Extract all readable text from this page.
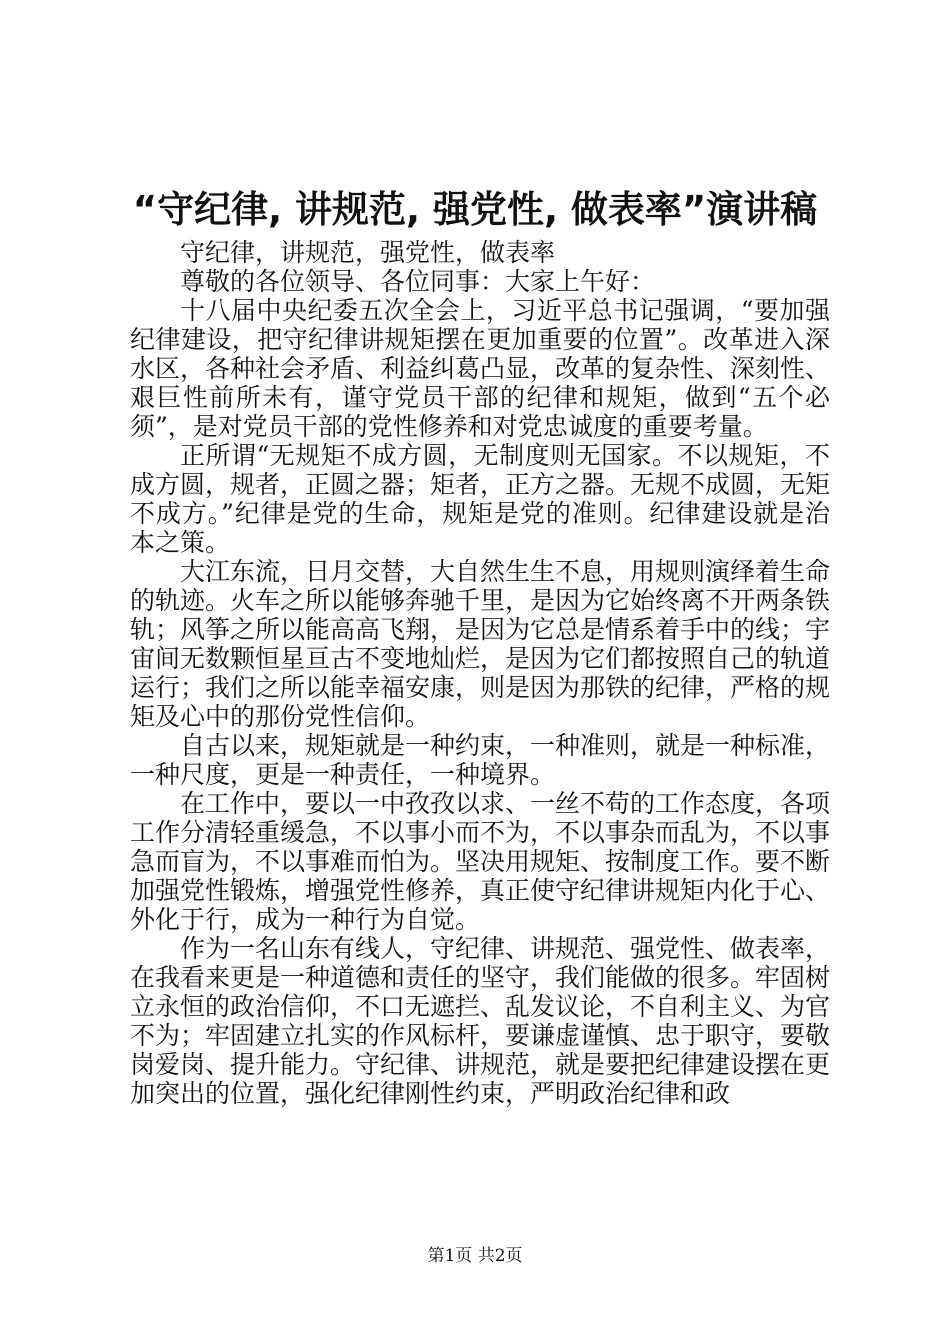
“守纪律, 讲规范, 强党性, 做表率”演讲稿

守纪律，讲规范，强党性，做表率

尊敬的各位领导、各位同事：大家上午好：

十八届中央纪委五次全会上，习近平总书记强调，“要加强纪律建设，把守纪律讲规矩摆在更加重要的位置”。改革进入深水区，各种社会矛盾、利益纠葛凸显，改革的复杂性、深刻性、艰巨性前所未有，谨守党员干部的纪律和规矩，做到“五个必须”，是对党员干部的党性修养和对党忠诚度的重要考量。

正所谓“无规矩不成方圆，无制度则无国家。不以规矩，不成方圆，规者，正圆之器；矩者，正方之器。无规不成圆，无矩不成方。”纪律是党的生命，规矩是党的准则。纪律建设就是治本之策。

大江东流，日月交替，大自然生生不息，用规则演绎着生命的轨迹。火车之所以能够奔驰千里，是因为它始终离不开两条铁轨；风筝之所以能高高飞翔，是因为它总是情系着手中的线；宇宙间无数颗恒星亘古不变地灿烂，是因为它们都按照自己的轨道运行；我们之所以能幸福安康，则是因为那铁的纪律，严格的规矩及心中的那份党性信仰。

自古以来，规矩就是一种约束，一种准则，就是一种标准，一种尺度，更是一种责任，一种境界。

在工作中，要以一中孜孜以求、一丝不苟的工作态度，各项工作分清轻重缓急，不以事小而不为，不以事杂而乱为，不以事急而盲为，不以事难而怕为。坚决用规矩、按制度工作。要不断加强党性锻炼，增强党性修养，真正使守纪律讲规矩内化于心、外化于行，成为一种行为自觉。

作为一名山东有线人，守纪律、讲规范、强党性、做表率，在我看来更是一种道德和责任的坚守，我们能做的很多。牢固树立永恒的政治信仰，不口无遮拦、乱发议论，不自利主义、为官不为；牢固建立扎实的作风标杆，要谦虚谨慎、忠于职守，要敬岗爱岗、提升能力。守纪律、讲规范，就是要把纪律建设摆在更加突出的位置，强化纪律刚性约束，严明政治纪律和政

第1页 共2页
